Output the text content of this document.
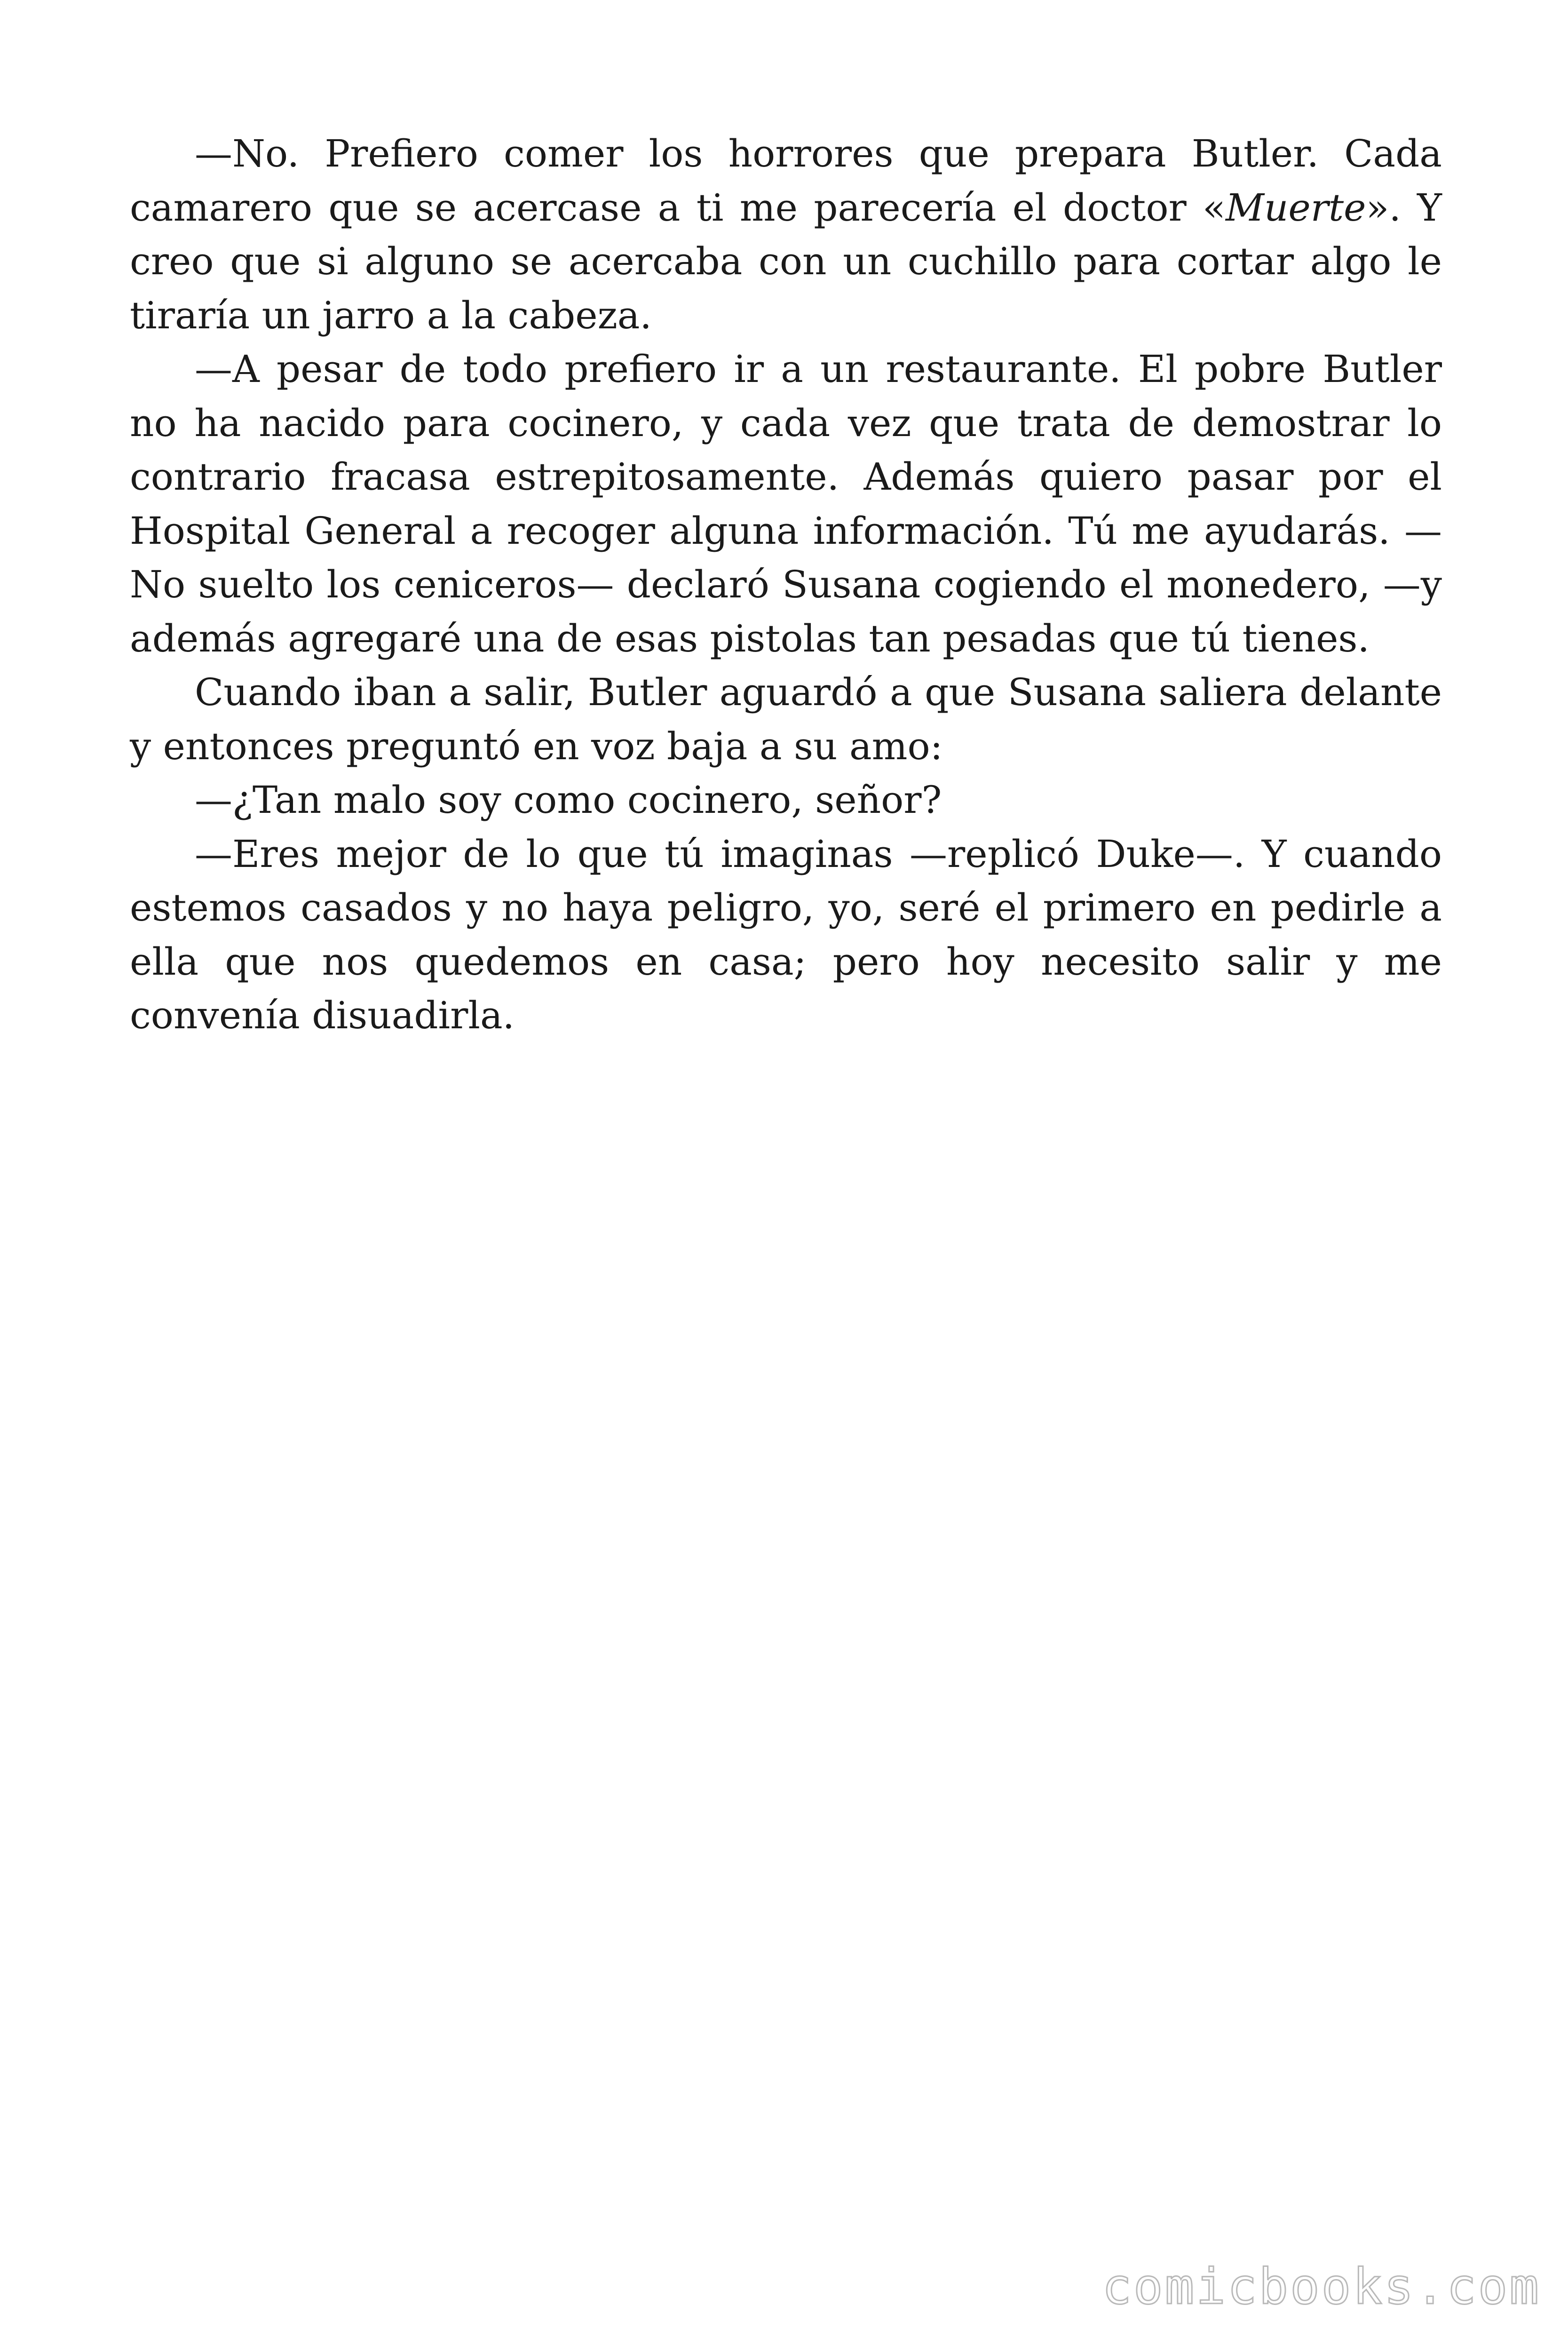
—No. Prefiero comer los horrores que prepara Butler. Cada camarero que se acercase a ti me parecería el doctor «Muerte». Y creo que si alguno se acercaba con un cuchillo para cortar algo le tiraría un jarro a la cabeza.

—A pesar de todo prefiero ir a un restaurante. El pobre Butler no ha nacido para cocinero, y cada vez que trata de demostrar lo contrario fracasa estrepitosamente. Además quiero pasar por el Hospital General a recoger alguna información. Tú me ayudarás. —No suelto los ceniceros— declaró Susana cogiendo el monedero, —y además agregaré una de esas pistolas tan pesadas que tú tienes.

Cuando iban a salir, Butler aguardó a que Susana saliera delante y entonces preguntó en voz baja a su amo:

—¿Tan malo soy como cocinero, señor?

—Eres mejor de lo que tú imaginas —replicó Duke—. Y cuando estemos casados y no haya peligro, yo, seré el primero en pedirle a ella que nos quedemos en casa; pero hoy necesito salir y me convenía disuadirla.

comicbooks.com
